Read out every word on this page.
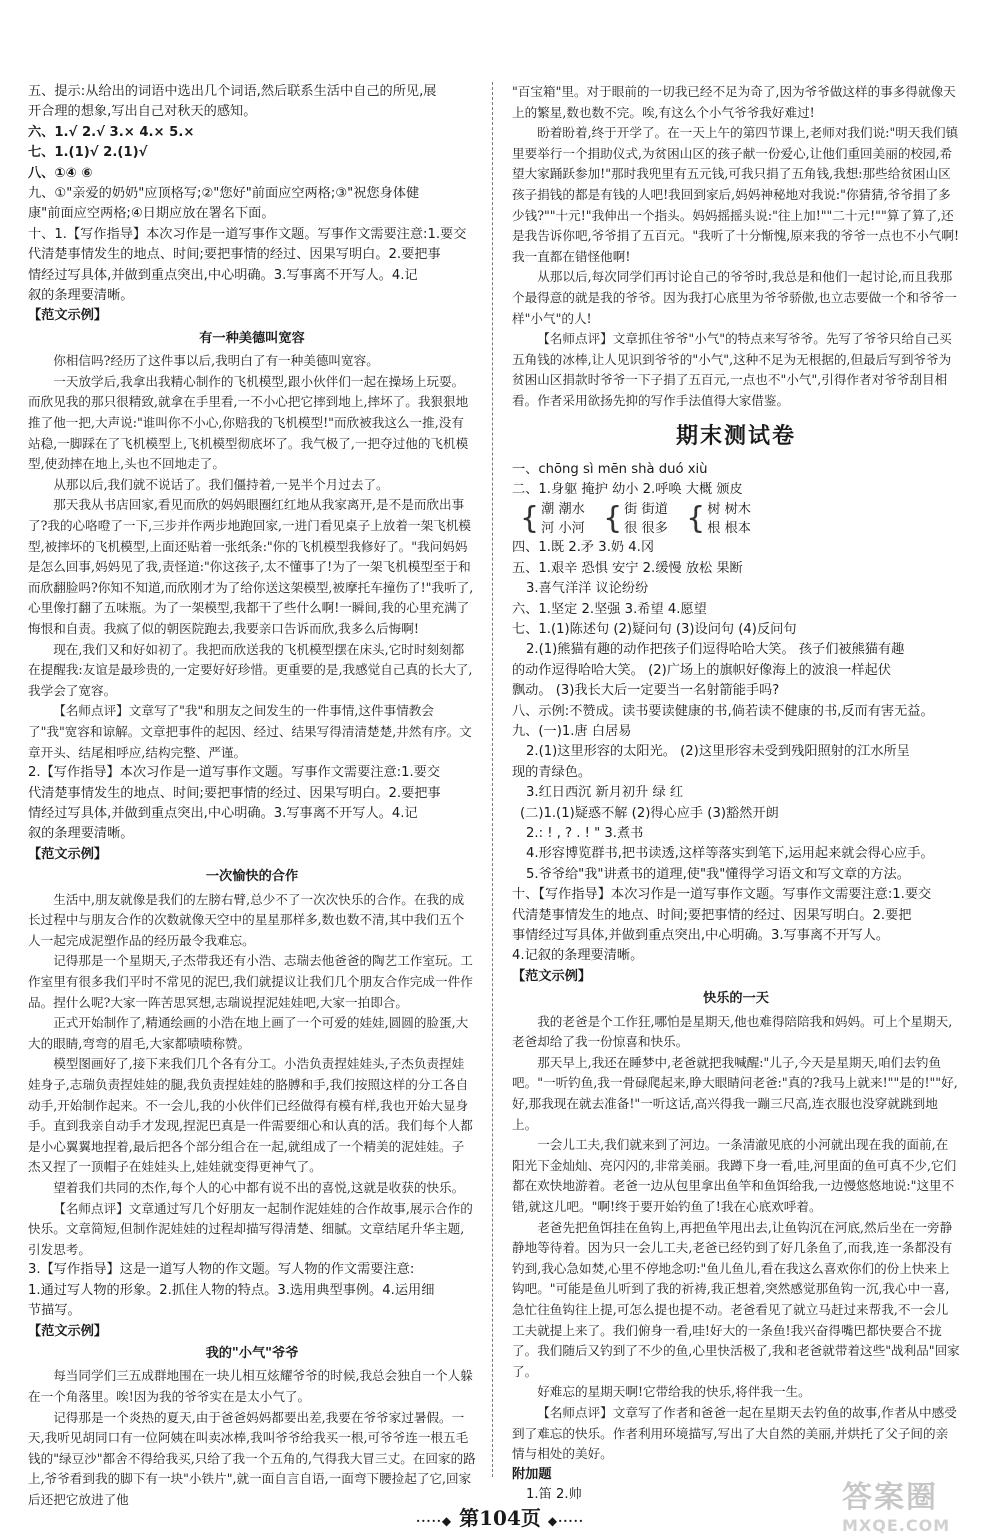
五、提示:从给出的词语中选出几个词语,然后联系生活中自己的所见,展
开合理的想象,写出自己对秋天的感知。
六、1.√ 2.√ 3.× 4.× 5.×
七、1.(1)√ 2.(1)√
八、①④ ⑥
九、①"亲爱的奶奶"应顶格写;②"您好"前面应空两格;③"祝您身体健
康"前面应空两格;④日期应放在署名下面。
十、1.【写作指导】本次习作是一道写事作文题。写事作文需要注意:1.要交
代清楚事情发生的地点、时间;要把事情的经过、因果写明白。2.要把事
情经过写具体,并做到重点突出,中心明确。3.写事离不开写人。4.记
叙的条理要清晰。
【范文示例】
有一种美德叫宽容
你相信吗?经历了这件事以后,我明白了有一种美德叫宽容。
一天放学后,我拿出我精心制作的飞机模型,跟小伙伴们一起在操场上玩耍。而欣见我的那只很精致,就拿在手里看,一不小心把它摔到地上,摔坏了。我狠狠地推了他一把,大声说:"谁叫你不小心,你赔我的飞机模型!"而欣被我这么一推,没有站稳,一脚踩在了飞机模型上,飞机模型彻底坏了。我气极了,一把夺过他的飞机模型,使劲摔在地上,头也不回地走了。
从那以后,我们就不说话了。我们僵持着,一晃半个月过去了。
那天我从书店回家,看见而欣的妈妈眼圈红红地从我家离开,是不是而欣出事了?我的心咯噔了一下,三步并作两步地跑回家,一进门看见桌子上放着一架飞机模型,被摔坏的飞机模型,上面还贴着一张纸条:"你的飞机模型我修好了。"我问妈妈是怎么回事,妈妈见了我,责怪道:"你这孩子,太不懂事了!为了一架飞机模型至于和而欣翻脸吗?你知不知道,而欣刚才为了给你送这架模型,被摩托车撞伤了!"我听了,心里像打翻了五味瓶。为了一架模型,我都干了些什么啊!一瞬间,我的心里充满了悔恨和自责。我疯了似的朝医院跑去,我要亲口告诉而欣,我多么后悔啊!
现在,我们又和好如初了。我把而欣送我的飞机模型摆在床头,它时时刻刻都在提醒我:友谊是最珍贵的,一定要好好珍惜。更重要的是,我感觉自己真的长大了,我学会了宽容。
【名师点评】文章写了"我"和朋友之间发生的一件事情,这件事情教会了"我"宽容和谅解。文章把事件的起因、经过、结果写得清清楚楚,井然有序。文章开头、结尾相呼应,结构完整、严谨。
2.【写作指导】本次习作是一道写事作文题。写事作文需要注意:1.要交
代清楚事情发生的地点、时间;要把事情的经过、因果写明白。2.要把事
情经过写具体,并做到重点突出,中心明确。3.写事离不开写人。4.记
叙的条理要清晰。
【范文示例】
一次愉快的合作
生活中,朋友就像是我们的左膀右臂,总少不了一次次快乐的合作。在我的成长过程中与朋友合作的次数就像天空中的星星那样多,数也数不清,其中我们五个人一起完成泥塑作品的经历最令我难忘。
记得那是一个星期天,子杰带我还有小浩、志瑞去他爸爸的陶艺工作室玩。工作室里有很多我们平时不常见的泥巴,我们就提议让我们几个朋友合作完成一件作品。捏什么呢?大家一阵苦思冥想,志瑞说捏泥娃娃吧,大家一拍即合。
正式开始制作了,精通绘画的小浩在地上画了一个可爱的娃娃,圆圆的脸蛋,大大的眼睛,弯弯的眉毛,大家都啧啧称赞。
模型图画好了,接下来我们几个各有分工。小浩负责捏娃娃头,子杰负责捏娃娃身子,志瑞负责捏娃娃的腿,我负责捏娃娃的胳膊和手,我们按照这样的分工各自动手,开始制作起来。不一会儿,我的小伙伴们已经做得有模有样,我也开始大显身手。直到我亲自动手才发现,捏泥巴真是一件需要细心和认真的活。我们每个人都是小心翼翼地捏着,最后把各个部分组合在一起,就组成了一个精美的泥娃娃。子杰又捏了一顶帽子在娃娃头上,娃娃就变得更神气了。
望着我们共同的杰作,每个人的心中都有说不出的喜悦,这就是收获的快乐。
【名师点评】文章通过写几个好朋友一起制作泥娃娃的合作故事,展示合作的快乐。文章简短,但制作泥娃娃的过程却描写得清楚、细腻。文章结尾升华主题,引发思考。
3.【写作指导】这是一道写人物的作文题。写人物的作文需要注意:
1.通过写人物的形象。2.抓住人物的特点。3.选用典型事例。4.运用细
节描写。
【范文示例】
我的"小气"爷爷
每当同学们三五成群地围在一块儿相互炫耀爷爷的时候,我总会独自一个人躲在一个角落里。唉!因为我的爷爷实在是太小气了。
记得那是一个炎热的夏天,由于爸爸妈妈都要出差,我要在爷爷家过暑假。一天,我听见胡同口有一位阿姨在叫卖冰棒,我叫爷爷给我买一根,可爷爷连一根五毛钱的"绿豆沙"都舍不得给我买,只给了我一个五角的,气得我大冒三丈。在回家的路上,爷爷看到我的脚下有一块"小铁片",就一面自言自语,一面弯下腰捡起了它,回家后还把它放进了他
"百宝箱"里。对于眼前的一切我已经不足为奇了,因为爷爷做这样的事多得就像天上的繁星,数也数不完。唉,有这么个小气爷爷我好难过!
盼着盼着,终于开学了。在一天上午的第四节课上,老师对我们说:"明天我们镇里要举行一个捐助仪式,为贫困山区的孩子献一份爱心,让他们重回美丽的校园,希望大家踊跃参加!"那时我兜里有五元钱,可我只捐了五角钱,我想:那些给贫困山区孩子捐钱的都是有钱的人吧!我回到家后,妈妈神秘地对我说:"你猜猜,爷爷捐了多少钱?""十元!"我伸出一个指头。妈妈摇摇头说:"往上加!""二十元!""算了算了,还是我告诉你吧,爷爷捐了五百元。"我听了十分惭愧,原来我的爷爷一点也不小气啊!我一直都在错怪他啊!
从那以后,每次同学们再讨论自己的爷爷时,我总是和他们一起讨论,而且我那个最得意的就是我的爷爷。因为我打心底里为爷爷骄傲,也立志要做一个和爷爷一样"小气"的人!
【名师点评】文章抓住爷爷"小气"的特点来写爷爷。先写了爷爷只给自己买五角钱的冰棒,让人见识到爷爷的"小气",这种不足为无根据的,但最后写到爷爷为贫困山区捐款时爷爷一下子捐了五百元,一点也不"小气",引得作者对爷爷刮目相看。作者采用欲扬先抑的写作手法值得大家借鉴。
期末测试卷
一、chōng sì mēn shà duó xiù
二、1.身躯 掩护 幼小 2.呼唤 大概 颁皮
{ 潮 潮水
河 小河
{ 街 街道
很 很多
{ 树 树木
根 根本
四、1.既 2.矛 3.奶 4.冈
五、1.艰辛 恐惧 安宁 2.缓慢 放松 果断
3.喜气洋洋 议论纷纷
六、1.坚定 2.坚强 3.希望 4.愿望
七、1.(1)陈述句 (2)疑问句 (3)设问句 (4)反问句
2.(1)熊猫有趣的动作把孩子们逗得哈哈大笑。 孩子们被熊猫有趣
的动作逗得哈哈大笑。 (2)广场上的旗帜好像海上的波浪一样起伏
飘动。 (3)我长大后一定要当一名射箭能手吗?
八、示例:不赞成。读书要读健康的书,倘若读不健康的书,反而有害无益。
九、(一)1.唐 白居易
2.(1)这里形容的太阳光。 (2)这里形容未受到残阳照射的江水所呈
现的青绿色。
3.红日西沉 新月初升 绿 红
(二)1.(1)疑惑不解 (2)得心应手 (3)豁然开朗
2.: ! , ? . ! " 3.煮书
4.形容博览群书,把书读透,这样等落实到笔下,运用起来就会得心应手。
5.爷爷给"我"讲煮书的道理,使"我"懂得学习语文和写文章的方法。
十、【写作指导】本次习作是一道写事作文题。写事作文需要注意:1.要交
代清楚事情发生的地点、时间;要把事情的经过、因果写明白。2.要把
事情经过写具体,并做到重点突出,中心明确。3.写事离不开写人。
4.记叙的条理要清晰。
【范文示例】
快乐的一天
我的老爸是个工作狂,哪怕是星期天,他也难得陪陪我和妈妈。可上个星期天,老爸却给了我一份惊喜和快乐。
那天早上,我还在睡梦中,老爸就把我喊醒:"儿子,今天是星期天,咱们去钓鱼吧。"一听钓鱼,我一骨碌爬起来,睁大眼睛问老爸:"真的?我马上就来!""是的!""好,好,那我现在就去准备!"一听这话,高兴得我一蹦三尺高,连衣服也没穿就跳到地上。
一会儿工夫,我们就来到了河边。一条清澈见底的小河就出现在我的面前,在阳光下金灿灿、亮闪闪的,非常美丽。我蹲下身一看,哇,河里面的鱼可真不少,它们都在欢快地游着。老爸一边从包里拿出鱼竿和鱼饵给我,一边慢悠悠地说:"这里不错,就这儿吧。"啊!终于要开始钓鱼了!我在心底欢呼着。
老爸先把鱼饵挂在鱼钩上,再把鱼竿甩出去,让鱼钩沉在河底,然后坐在一旁静静地等待着。因为只一会儿工夫,老爸已经钓到了好几条鱼了,而我,连一条都没有钓到,我心急如焚,心里不停地念叨:"鱼儿鱼儿,看在我这么喜欢你们的份上快来上钩吧。"可能是鱼儿听到了我的祈祷,我正想着,突然感觉那鱼钩一沉,我心中一喜,急忙往鱼钩往上提,可怎么提也提不动。老爸看见了就立马赶过来帮我,不一会儿工夫就提上来了。我们俯身一看,哇!好大的一条鱼!我兴奋得嘴巴都快要合不拢了。我们随后又钓到了不少的鱼,心里快活极了,我和老爸就带着这些"战利品"回家了。
好难忘的星期天啊!它带给我的快乐,将伴我一生。
【名师点评】文章写了作者和爸爸一起在星期天去钓鱼的故事,作者从中感受到了难忘的快乐。作者利用环境描写,写出了大自然的美丽,并烘托了父子间的亲情与相处的美好。
附加题
1.笛 2.帅
·····◆ 第104页 ◆·····
答案圈
MXQE.COM
